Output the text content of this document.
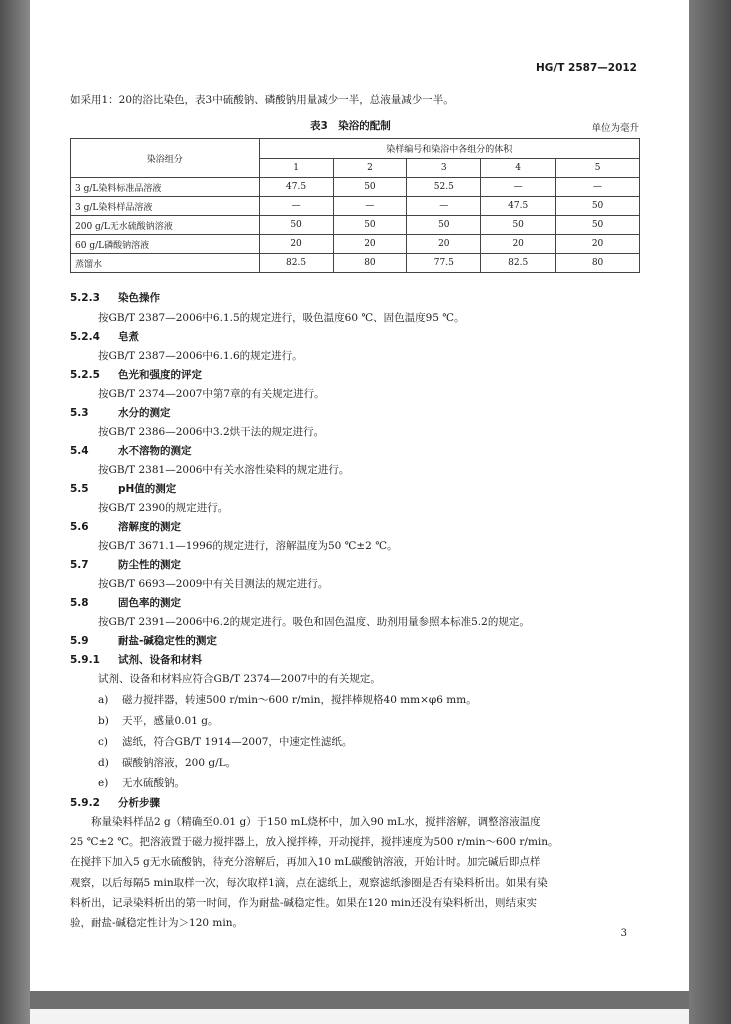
HG/T 2587—2012
如采用1：20的浴比染色，表3中硫酸钠、磷酸钠用量减少一半，总液量减少一半。
表3　染浴的配制	单位为毫升
染浴组分	染样编号和染浴中各组分的体积				
	1	2	3	4	5
3 g/L染料标准品溶液	47.5	50	52.5	—	—
3 g/L染料样品溶液	—	—	—	47.5	50
200 g/L无水硫酸钠溶液	50	50	50	50	50
60 g/L磷酸钠溶液	20	20	20	20	20
蒸馏水	82.5	80	77.5	82.5	80
5.2.3 染色操作
按GB/T 2387—2006中6.1.5的规定进行，吸色温度60 ℃、固色温度95 ℃。
5.2.4 皂煮
按GB/T 2387—2006中6.1.6的规定进行。
5.2.5 色光和强度的评定
按GB/T 2374—2007中第7章的有关规定进行。
5.3	水分的测定
按GB/T 2386—2006中3.2烘干法的规定进行。
5.4	水不溶物的测定
按GB/T 2381—2006中有关水溶性染料的规定进行。
5.5	pH值的测定
按GB/T 2390的规定进行。
5.6	溶解度的测定
按GB/T 3671.1—1996的规定进行，溶解温度为50 ℃±2 ℃。
5.7	防尘性的测定
按GB/T 6693—2009中有关目测法的规定进行。
5.8	固色率的测定
按GB/T 2391—2006中6.2的规定进行。吸色和固色温度、助剂用量参照本标准5.2的规定。
5.9	耐盐-碱稳定性的测定
5.9.1 试剂、设备和材料
试剂、设备和材料应符合GB/T 2374—2007中的有关规定。
a) 磁力搅拌器，转速500 r/min～600 r/min，搅拌棒规格40 mm×φ6 mm。
b) 天平，感量0.01 g。
c) 滤纸，符合GB/T 1914—2007，中速定性滤纸。
d) 碳酸钠溶液，200 g/L。
e) 无水硫酸钠。
5.9.2 分析步骤
　　称量染料样品2 g（精确至0.01 g）于150 mL烧杯中，加入90 mL水，搅拌溶解，调整溶液温度
25 ℃±2 ℃。把溶液置于磁力搅拌器上，放入搅拌棒，开动搅拌，搅拌速度为500 r/min～600 r/min。
在搅拌下加入5 g无水硫酸钠，待充分溶解后，再加入10 mL碳酸钠溶液，开始计时。加完碱后即点样
观察，以后每隔5 min取样一次，每次取样1滴，点在滤纸上，观察滤纸渗圈是否有染料析出。如果有染
料析出，记录染料析出的第一时间，作为耐盐-碱稳定性。如果在120 min还没有染料析出，则结束实
验，耐盐-碱稳定性计为＞120 min。
3
